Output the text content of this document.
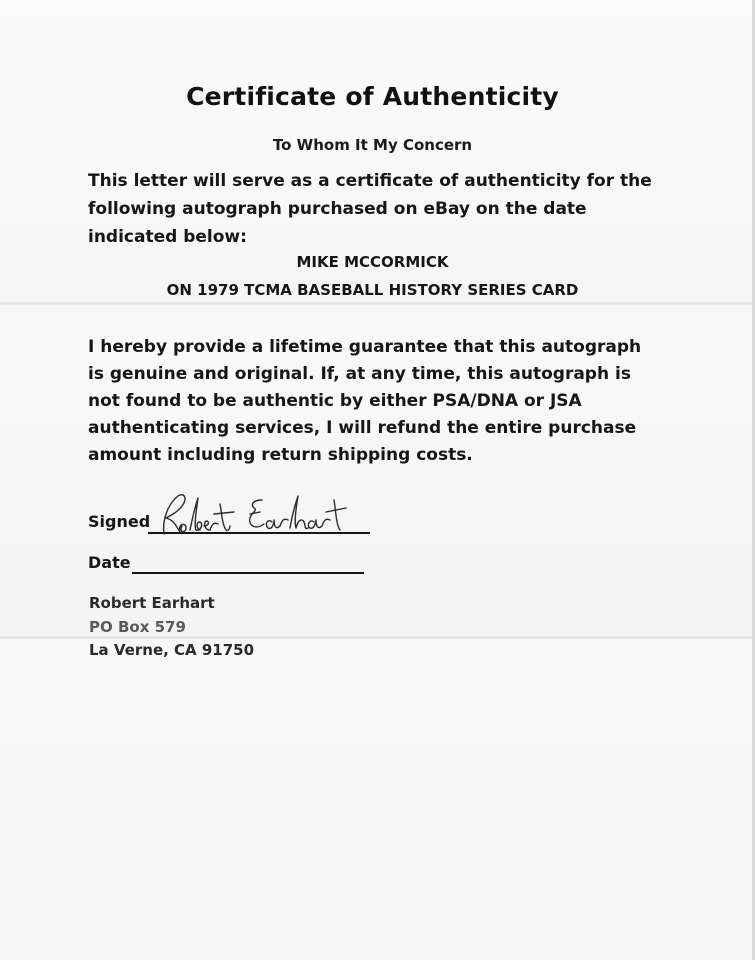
Certificate of Authenticity
To Whom It My Concern
This letter will serve as a certificate of authenticity for the following autograph purchased on eBay on the date indicated below:
MIKE MCCORMICK
ON 1979 TCMA BASEBALL HISTORY SERIES CARD
I hereby provide a lifetime guarantee that this autograph is genuine and original. If, at any time, this autograph is not found to be authentic by either PSA/DNA or JSA authenticating services, I will refund the entire purchase amount including return shipping costs.
Signed
Date
Robert Earhart
PO Box 579
La Verne, CA 91750
